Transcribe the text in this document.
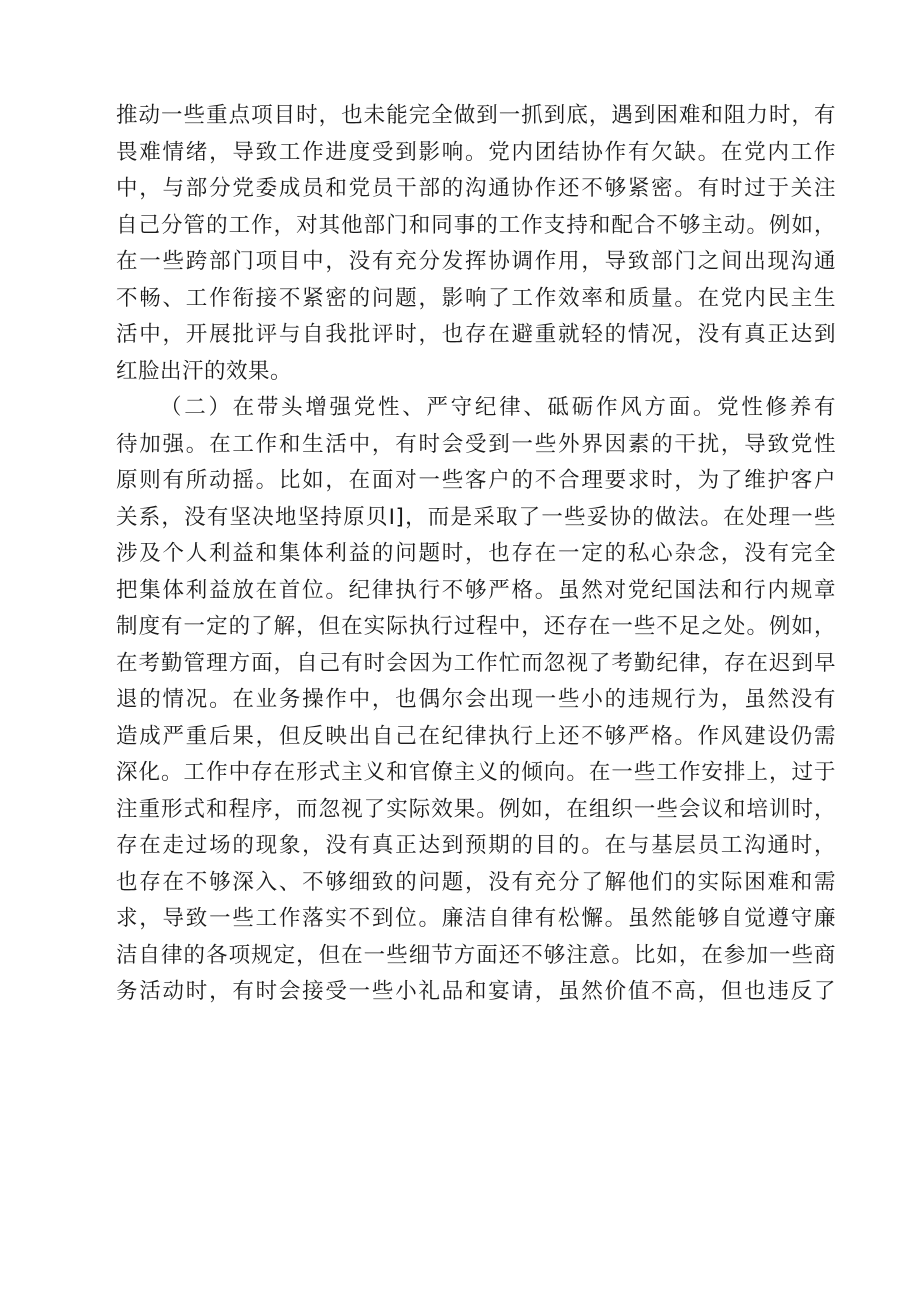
推动一些重点项目时，也未能完全做到一抓到底，遇到困难和阻力时，有
畏难情绪，导致工作进度受到影响。党内团结协作有欠缺。在党内工作
中，与部分党委成员和党员干部的沟通协作还不够紧密。有时过于关注
自己分管的工作，对其他部门和同事的工作支持和配合不够主动。例如，
在一些跨部门项目中，没有充分发挥协调作用，导致部门之间出现沟通
不畅、工作衔接不紧密的问题，影响了工作效率和质量。在党内民主生
活中，开展批评与自我批评时，也存在避重就轻的情况，没有真正达到
红脸出汗的效果。
（二）在带头增强党性、严守纪律、砥砺作风方面。党性修养有
待加强。在工作和生活中，有时会受到一些外界因素的干扰，导致党性
原则有所动摇。比如，在面对一些客户的不合理要求时，为了维护客户
关系，没有坚决地坚持原贝I]，而是采取了一些妥协的做法。在处理一些
涉及个人利益和集体利益的问题时，也存在一定的私心杂念，没有完全
把集体利益放在首位。纪律执行不够严格。虽然对党纪国法和行内规章
制度有一定的了解，但在实际执行过程中，还存在一些不足之处。例如，
在考勤管理方面，自己有时会因为工作忙而忽视了考勤纪律，存在迟到早
退的情况。在业务操作中，也偶尔会出现一些小的违规行为，虽然没有
造成严重后果，但反映出自己在纪律执行上还不够严格。作风建设仍需
深化。工作中存在形式主义和官僚主义的倾向。在一些工作安排上，过于
注重形式和程序，而忽视了实际效果。例如，在组织一些会议和培训时，
存在走过场的现象，没有真正达到预期的目的。在与基层员工沟通时，
也存在不够深入、不够细致的问题，没有充分了解他们的实际困难和需
求，导致一些工作落实不到位。廉洁自律有松懈。虽然能够自觉遵守廉
洁自律的各项规定，但在一些细节方面还不够注意。比如，在参加一些商
务活动时，有时会接受一些小礼品和宴请，虽然价值不高，但也违反了
